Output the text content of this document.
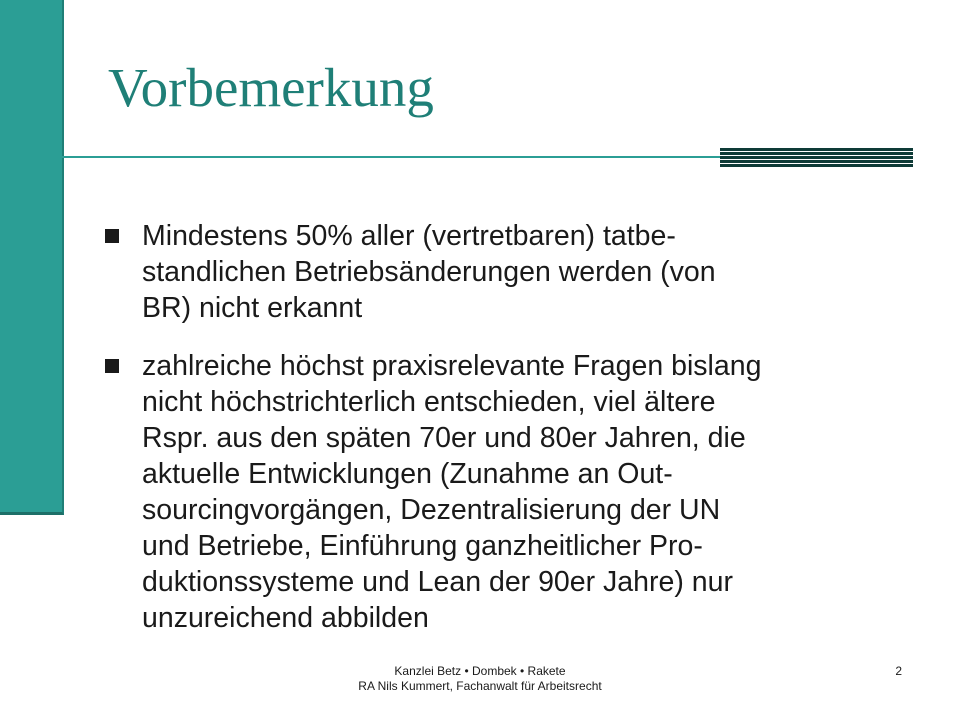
Vorbemerkung
Mindestens 50% aller (vertretbaren) tatbe-
standlichen Betriebsänderungen werden (von
BR) nicht erkannt
zahlreiche höchst praxisrelevante Fragen bislang
nicht höchstrichterlich entschieden, viel ältere
Rspr. aus den späten 70er und 80er Jahren, die
aktuelle Entwicklungen (Zunahme an Out-
sourcingvorgängen, Dezentralisierung der UN
und Betriebe, Einführung ganzheitlicher Pro-
duktionssysteme und Lean der 90er Jahre) nur
unzureichend abbilden
Kanzlei Betz • Dombek • Rakete
RA Nils Kummert, Fachanwalt für Arbeitsrecht
2
